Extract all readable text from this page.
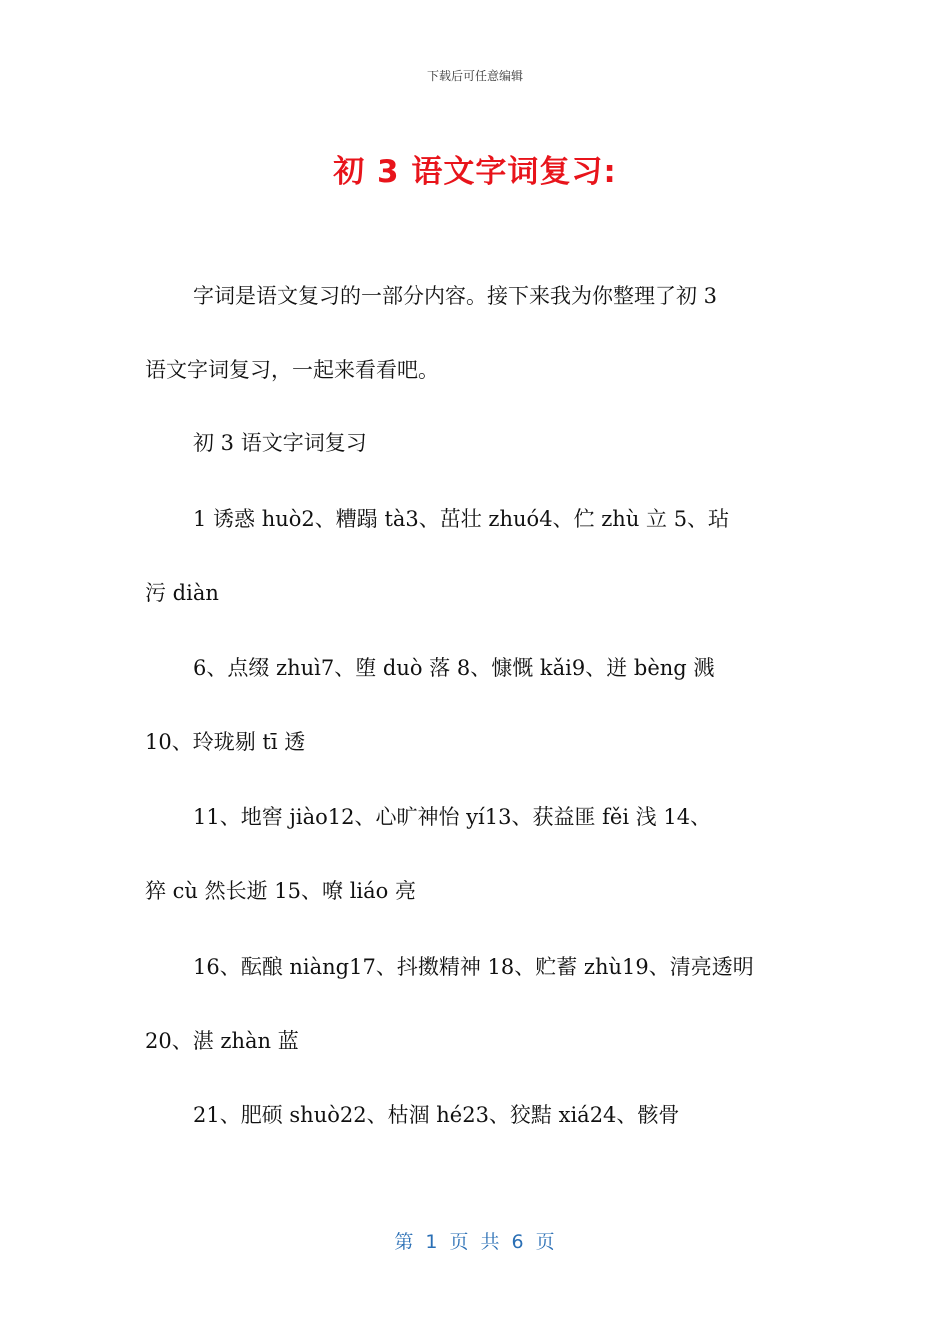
下载后可任意编辑
初 3 语文字词复习:
字词是语文复习的一部分内容。接下来我为你整理了初 3
语文字词复习，一起来看看吧。
初 3 语文字词复习
1 诱惑 huò2、糟蹋 tà3、茁壮 zhuó4、伫 zhù 立 5、玷
污 diàn
6、点缀 zhuì7、堕 duò 落 8、慷慨 kǎi9、迸 bèng 溅
10、玲珑剔 tī 透
11、地窖 jiào12、心旷神怡 yí13、获益匪 fěi 浅 14、
猝 cù 然长逝 15、嘹 liáo 亮
16、酝酿 niàng17、抖擞精神 18、贮蓄 zhù19、清亮透明
20、湛 zhàn 蓝
21、肥硕 shuò22、枯涸 hé23、狡黠 xiá24、骸骨
第 1 页 共 6 页
